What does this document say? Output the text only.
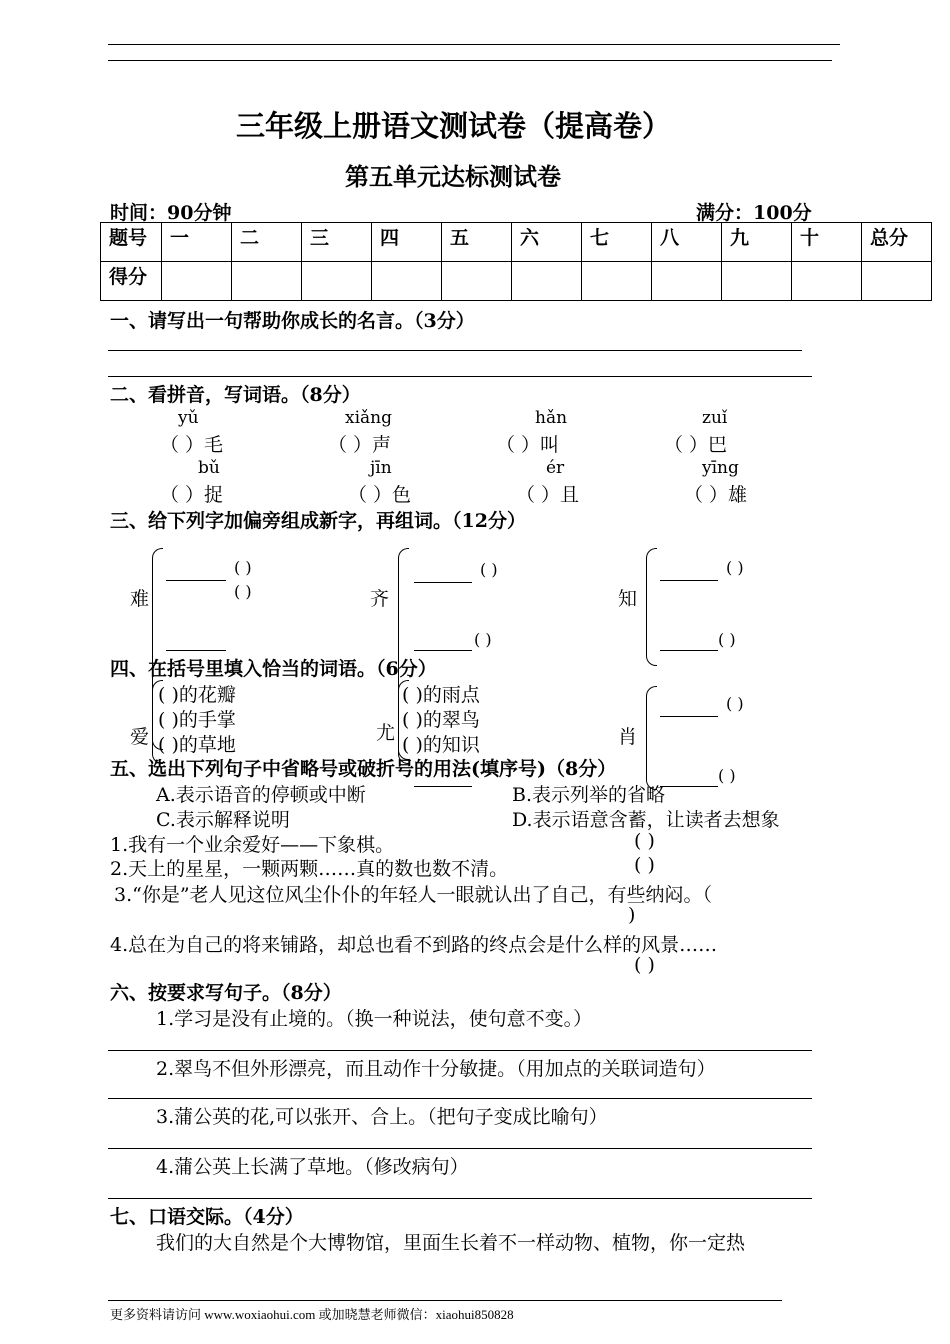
三年级上册语文测试卷（提高卷）
第五单元达标测试卷
时间：90分钟	满分：100分
题号	一	二	三	四	五	六	七	八	九	十	总分
得分											
一、请写出一句帮助你成长的名言。（3分）
二、看拼音，写词语。（8分）
yǔ	xiǎng	hǎn	zuǐ
（ ）毛	（ ）声	（ ）叫	（ ）巴
bǔ	jīn	ér	yīng
（ ）捉	（ ）色	（ ）且	（ ）雄
三、给下列字加偏旁组成新字，再组词。（12分）
难
( )
( )	齐
( )
( )
知
( )
( )
四、在括号里填入恰当的词语。（6分）
爱
( )的花瓣
( )的手掌
( )的草地
尤
( )的雨点
( )的翠鸟
( )的知识	肖
( )
( )
五、选出下列句子中省略号或破折号的用法(填序号)（8分）
A.表示语音的停顿或中断	B.表示列举的省略
C.表示解释说明	D.表示语意含蓄，让读者去想象
1.我有一个业余爱好——下象棋。	( )
2.天上的星星，一颗两颗……真的数也数不清。	( )
3.“你是”老人见这位风尘仆仆的年轻人一眼就认出了自己，有些纳闷。（
)
4.总在为自己的将来铺路，却总也看不到路的终点会是什么样的风景……
( )
六、按要求写句子。（8分）
1.学习是没有止境的。（换一种说法，使句意不变。）
2.翠鸟不但外形漂亮，而且动作十分敏捷。（用加点的关联词造句）
3.蒲公英的花,可以张开、合上。（把句子变成比喻句）
4.蒲公英上长满了草地。（修改病句）
七、口语交际。（4分）
我们的大自然是个大博物馆，里面生长着不一样动物、植物，你一定热
更多资料请访问 www.woxiaohui.com 或加晓慧老师微信：xiaohui850828
